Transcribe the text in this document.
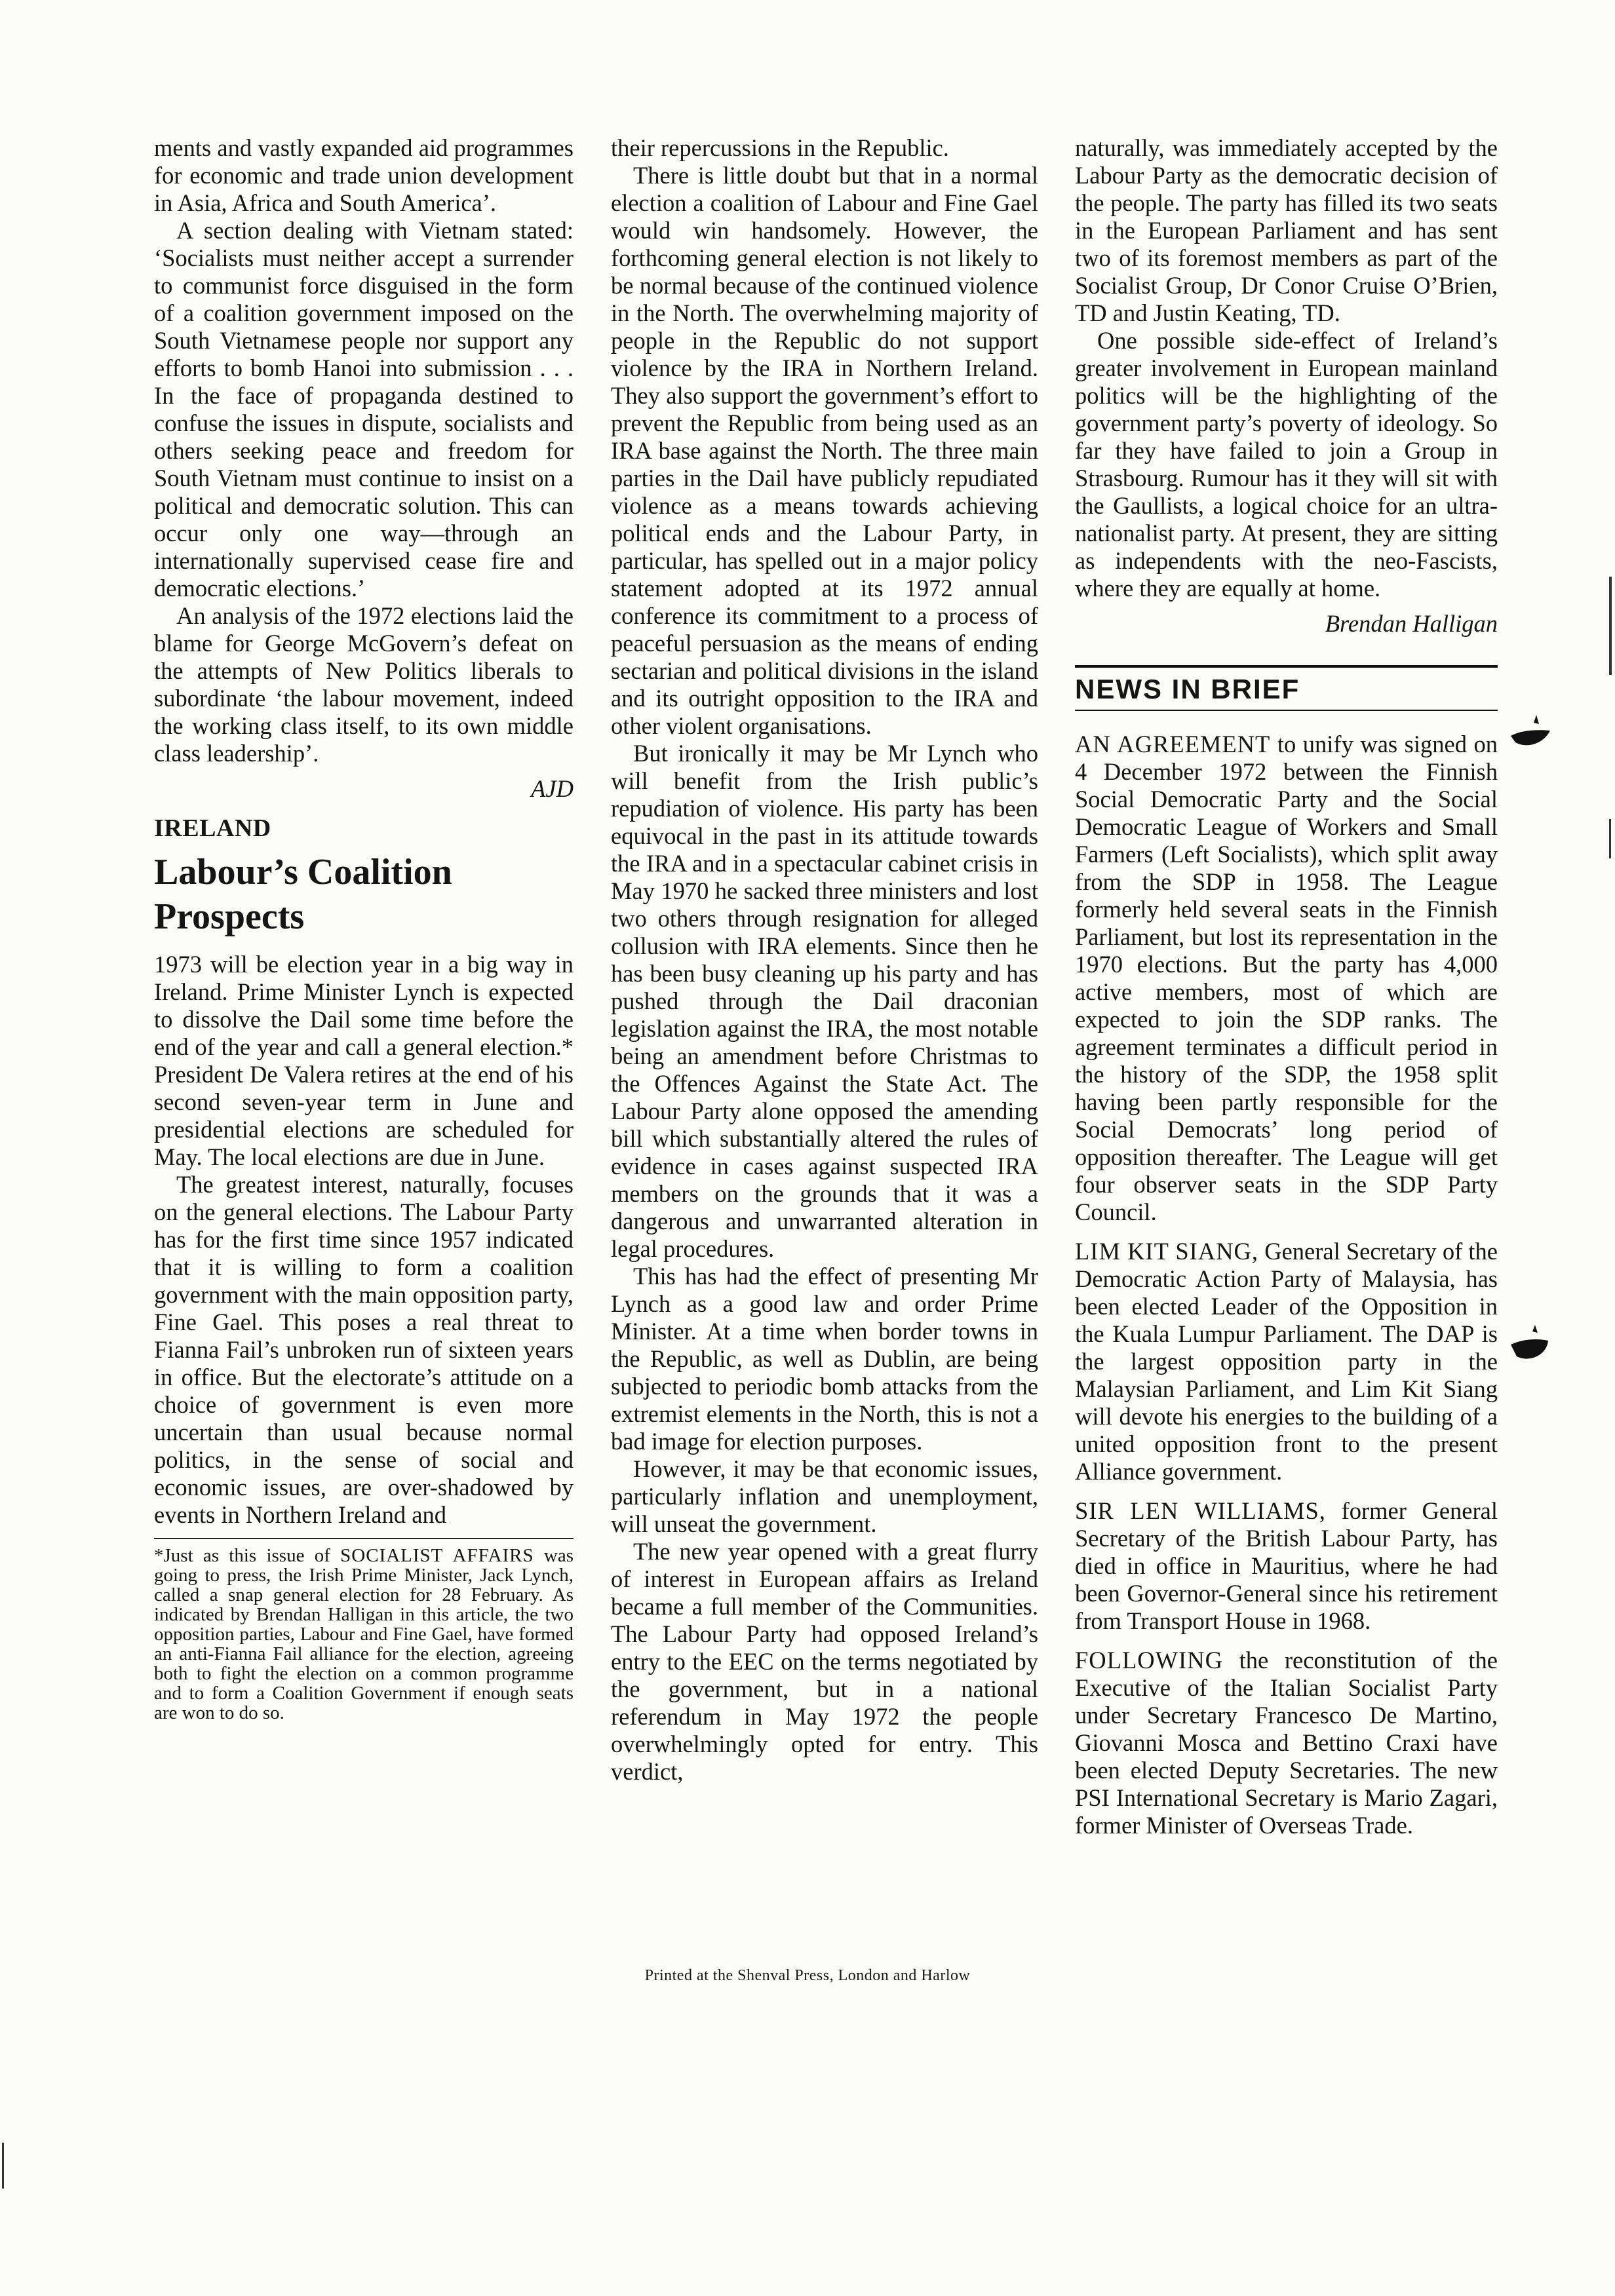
ments and vastly expanded aid programmes for economic and trade union development in Asia, Africa and South America’.

A section dealing with Vietnam stated: ‘Socialists must neither accept a surrender to communist force disguised in the form of a coalition government imposed on the South Vietnamese people nor support any efforts to bomb Hanoi into submission . . . In the face of propaganda destined to confuse the issues in dispute, socialists and others seeking peace and freedom for South Vietnam must continue to insist on a political and democratic solution. This can occur only one way—through an internationally supervised cease fire and democratic elections.’

An analysis of the 1972 elections laid the blame for George McGovern’s defeat on the attempts of New Politics liberals to subordinate ‘the labour movement, indeed the working class itself, to its own middle class leadership’.

AJD

IRELAND
Labour’s Coalition Prospects

1973 will be election year in a big way in Ireland. Prime Minister Lynch is expected to dissolve the Dail some time before the end of the year and call a general election.* President De Valera retires at the end of his second seven-year term in June and presidential elections are scheduled for May. The local elections are due in June.

The greatest interest, naturally, focuses on the general elections. The Labour Party has for the first time since 1957 indicated that it is willing to form a coalition government with the main opposition party, Fine Gael. This poses a real threat to Fianna Fail’s unbroken run of sixteen years in office. But the electorate’s attitude on a choice of government is even more uncertain than usual because normal politics, in the sense of social and economic issues, are over-shadowed by events in Northern Ireland and

*Just as this issue of SOCIALIST AFFAIRS was going to press, the Irish Prime Minister, Jack Lynch, called a snap general election for 28 February. As indicated by Brendan Halligan in this article, the two opposition parties, Labour and Fine Gael, have formed an anti-Fianna Fail alliance for the election, agreeing both to fight the election on a common programme and to form a Coalition Government if enough seats are won to do so.

their repercussions in the Republic.

There is little doubt but that in a normal election a coalition of Labour and Fine Gael would win handsomely. However, the forthcoming general election is not likely to be normal because of the continued violence in the North. The overwhelming majority of people in the Republic do not support violence by the IRA in Northern Ireland. They also support the government’s effort to prevent the Republic from being used as an IRA base against the North. The three main parties in the Dail have publicly repudiated violence as a means towards achieving political ends and the Labour Party, in particular, has spelled out in a major policy statement adopted at its 1972 annual conference its commitment to a process of peaceful persuasion as the means of ending sectarian and political divisions in the island and its outright opposition to the IRA and other violent organisations.

But ironically it may be Mr Lynch who will benefit from the Irish public’s repudiation of violence. His party has been equivocal in the past in its attitude towards the IRA and in a spectacular cabinet crisis in May 1970 he sacked three ministers and lost two others through resignation for alleged collusion with IRA elements. Since then he has been busy cleaning up his party and has pushed through the Dail draconian legislation against the IRA, the most notable being an amendment before Christmas to the Offences Against the State Act. The Labour Party alone opposed the amending bill which substantially altered the rules of evidence in cases against suspected IRA members on the grounds that it was a dangerous and unwarranted alteration in legal procedures.

This has had the effect of presenting Mr Lynch as a good law and order Prime Minister. At a time when border towns in the Republic, as well as Dublin, are being subjected to periodic bomb attacks from the extremist elements in the North, this is not a bad image for election purposes.

However, it may be that economic issues, particularly inflation and unemployment, will unseat the government.

The new year opened with a great flurry of interest in European affairs as Ireland became a full member of the Communities. The Labour Party had opposed Ireland’s entry to the EEC on the terms negotiated by the government, but in a national referendum in May 1972 the people overwhelmingly opted for entry. This verdict,

naturally, was immediately accepted by the Labour Party as the democratic decision of the people. The party has filled its two seats in the European Parliament and has sent two of its foremost members as part of the Socialist Group, Dr Conor Cruise O’Brien, TD and Justin Keating, TD.

One possible side-effect of Ireland’s greater involvement in European mainland politics will be the highlighting of the government party’s poverty of ideology. So far they have failed to join a Group in Strasbourg. Rumour has it they will sit with the Gaullists, a logical choice for an ultra-nationalist party. At present, they are sitting as independents with the neo-Fascists, where they are equally at home.

Brendan Halligan

NEWS IN BRIEF

AN AGREEMENT to unify was signed on 4 December 1972 between the Finnish Social Democratic Party and the Social Democratic League of Workers and Small Farmers (Left Socialists), which split away from the SDP in 1958. The League formerly held several seats in the Finnish Parliament, but lost its representation in the 1970 elections. But the party has 4,000 active members, most of which are expected to join the SDP ranks. The agreement terminates a difficult period in the history of the SDP, the 1958 split having been partly responsible for the Social Democrats’ long period of opposition thereafter. The League will get four observer seats in the SDP Party Council.

LIM KIT SIANG, General Secretary of the Democratic Action Party of Malaysia, has been elected Leader of the Opposition in the Kuala Lumpur Parliament. The DAP is the largest opposition party in the Malaysian Parliament, and Lim Kit Siang will devote his energies to the building of a united opposition front to the present Alliance government.

SIR LEN WILLIAMS, former General Secretary of the British Labour Party, has died in office in Mauritius, where he had been Governor-General since his retirement from Transport House in 1968.

FOLLOWING the reconstitution of the Executive of the Italian Socialist Party under Secretary Francesco De Martino, Giovanni Mosca and Bettino Craxi have been elected Deputy Secretaries. The new PSI International Secretary is Mario Zagari, former Minister of Overseas Trade.

Printed at the Shenval Press, London and Harlow
